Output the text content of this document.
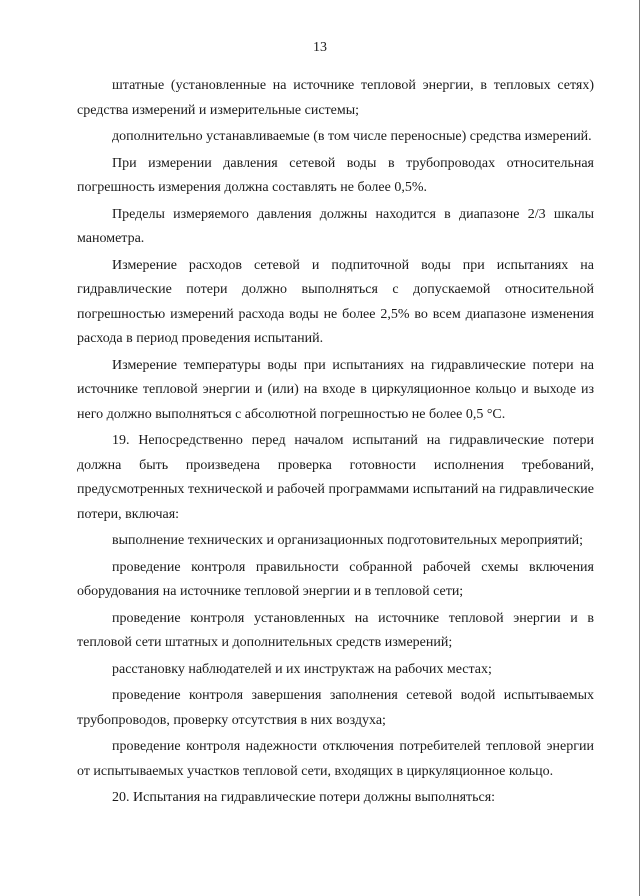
13

штатные (установленные на источнике тепловой энергии, в тепловых сетях) средства измерений и измерительные системы;

дополнительно устанавливаемые (в том числе переносные) средства измерений.

При измерении давления сетевой воды в трубопроводах относительная погрешность измерения должна составлять не более 0,5%.

Пределы измеряемого давления должны находится в диапазоне 2/3 шкалы манометра.

Измерение расходов сетевой и подпиточной воды при испытаниях на гидравлические потери должно выполняться с допускаемой относительной погрешностью измерений расхода воды не более 2,5% во всем диапазоне изменения расхода в период проведения испытаний.

Измерение температуры воды при испытаниях на гидравлические потери на источнике тепловой энергии и (или) на входе в циркуляционное кольцо и выходе из него должно выполняться с абсолютной погрешностью не более 0,5 °C.

19. Непосредственно перед началом испытаний на гидравлические потери должна быть произведена проверка готовности исполнения требований, предусмотренных технической и рабочей программами испытаний на гидравлические потери, включая:

выполнение технических и организационных подготовительных мероприятий;

проведение контроля правильности собранной рабочей схемы включения оборудования на источнике тепловой энергии и в тепловой сети;

проведение контроля установленных на источнике тепловой энергии и в тепловой сети штатных и дополнительных средств измерений;

расстановку наблюдателей и их инструктаж на рабочих местах;

проведение контроля завершения заполнения сетевой водой испытываемых трубопроводов, проверку отсутствия в них воздуха;

проведение контроля надежности отключения потребителей тепловой энергии от испытываемых участков тепловой сети, входящих в циркуляционное кольцо.

20. Испытания на гидравлические потери должны выполняться:
